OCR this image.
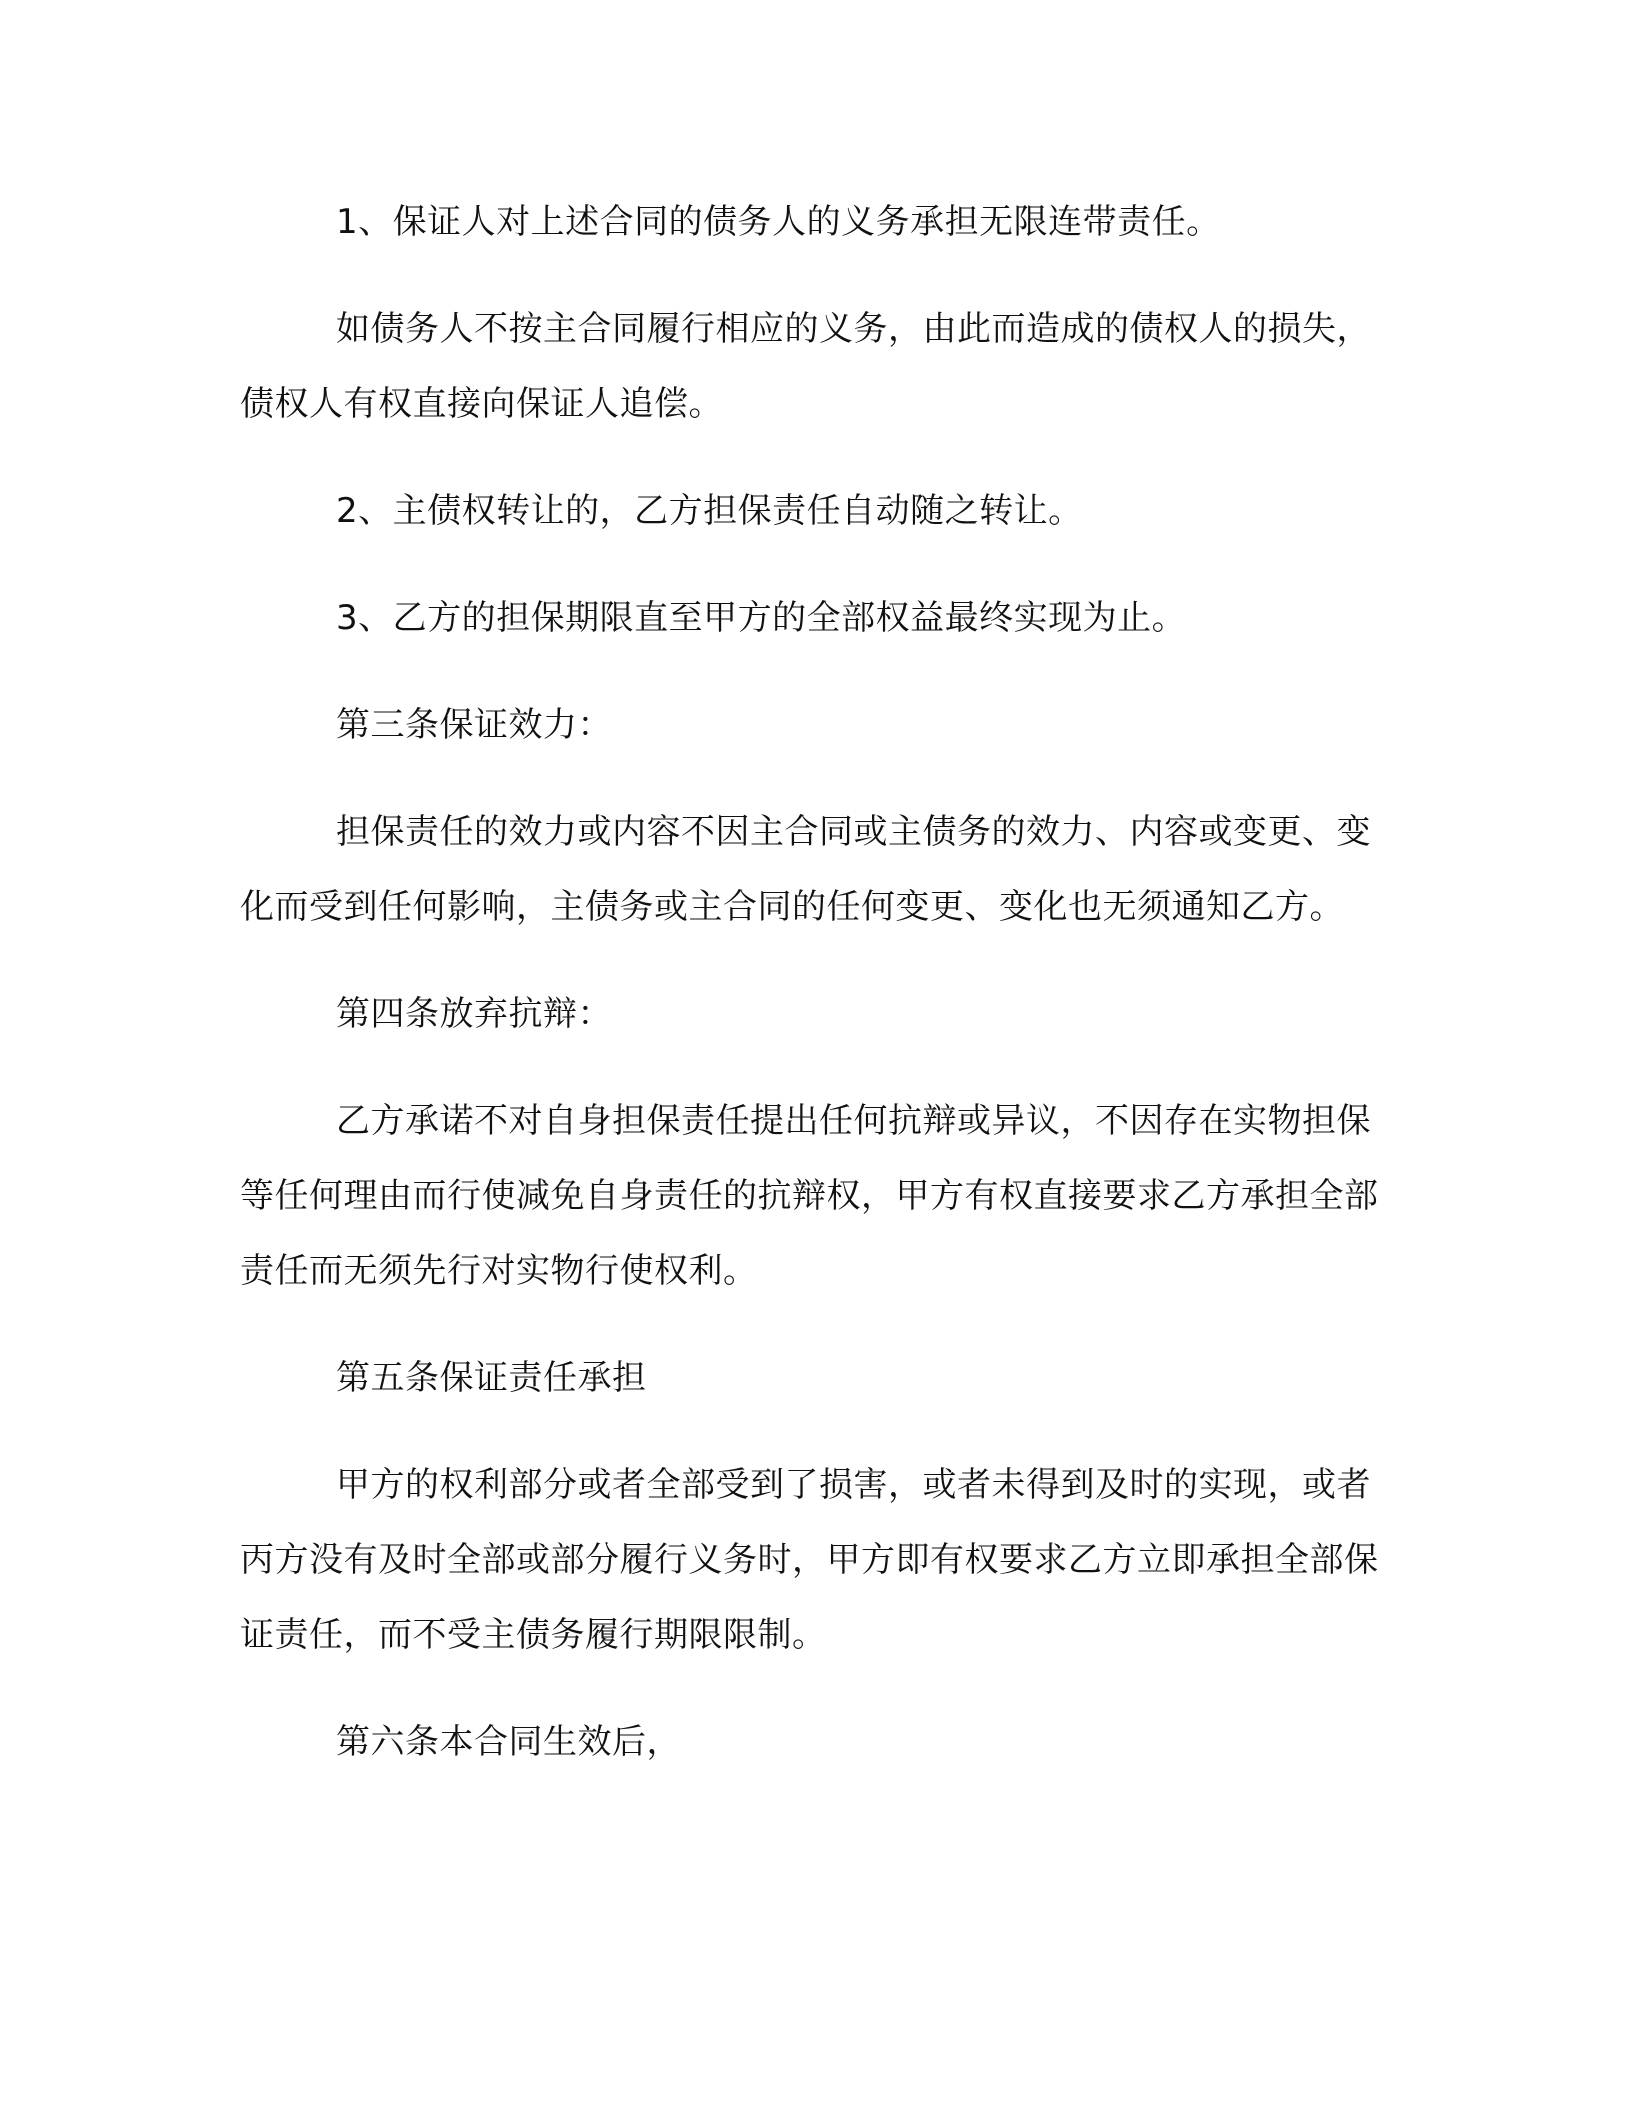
1、保证人对上述合同的债务人的义务承担无限连带责任。

如债务人不按主合同履行相应的义务，由此而造成的债权人的损失，债权人有权直接向保证人追偿。

2、主债权转让的，乙方担保责任自动随之转让。

3、乙方的担保期限直至甲方的全部权益最终实现为止。

第三条保证效力：

担保责任的效力或内容不因主合同或主债务的效力、内容或变更、变化而受到任何影响，主债务或主合同的任何变更、变化也无须通知乙方。

第四条放弃抗辩：

乙方承诺不对自身担保责任提出任何抗辩或异议，不因存在实物担保等任何理由而行使减免自身责任的抗辩权，甲方有权直接要求乙方承担全部责任而无须先行对实物行使权利。

第五条保证责任承担

甲方的权利部分或者全部受到了损害，或者未得到及时的实现，或者丙方没有及时全部或部分履行义务时，甲方即有权要求乙方立即承担全部保证责任，而不受主债务履行期限限制。

第六条本合同生效后，
